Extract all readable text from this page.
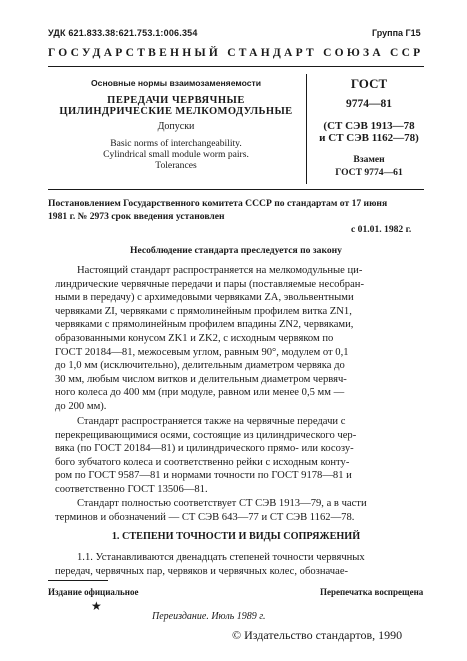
УДК 621.833.38:621.753.1:006.354	Группа Г15
ГОСУДАРСТВЕННЫЙ СТАНДАРТ СОЮЗА ССР
Основные нормы взаимозаменяемости
ПЕРЕДАЧИ ЧЕРВЯЧНЫЕ
ЦИЛИНДРИЧЕСКИЕ МЕЛКОМОДУЛЬНЫЕ
Допуски
Basic norms of interchangeability.
Cylindrical small module worm pairs.
Tolerances
ГОСТ
9774—81
(СТ СЭВ 1913—78
и СТ СЭВ 1162—78)
Взамен
ГОСТ 9774—61
Постановлением Государственного комитета СССР по стандартам от 17 июня
1981 г. № 2973 срок введения установлен
с 01.01. 1982 г.
Несоблюдение стандарта преследуется по закону
Настоящий стандарт распространяется на мелкомодульные ци-
линдрические червячные передачи и пары (поставляемые несобран-
ными в передачу) с архимедовыми червяками ZA, эвольвентными
червяками ZI, червяками с прямолинейным профилем витка ZN1,
червяками с прямолинейным профилем впадины ZN2, червяками,
образованными конусом ZK1 и ZK2, с исходным червяком по
ГОСТ 20184—81, межосевым углом, равным 90°, модулем от 0,1
до 1,0 мм (исключительно), делительным диаметром червяка до
30 мм, любым числом витков и делительным диаметром червяч-
ного колеса до 400 мм (при модуле, равном или менее 0,5 мм —
до 200 мм).
Стандарт распространяется также на червячные передачи с
перекрещивающимися осями, состоящие из цилиндрического чер-
вяка (по ГОСТ 20184—81) и цилиндрического прямо- или косозу-
бого зубчатого колеса и соответственно рейки с исходным конту-
ром по ГОСТ 9587—81 и нормами точности по ГОСТ 9178—81 и
соответственно ГОСТ 13506—81.
Стандарт полностью соответствует СТ СЭВ 1913—79, а в части
терминов и обозначений — СТ СЭВ 643—77 и СТ СЭВ 1162—78.
1. СТЕПЕНИ ТОЧНОСТИ И ВИДЫ СОПРЯЖЕНИЙ
1.1. Устанавливаются двенадцать степеней точности червячных
передач, червячных пар, червяков и червячных колес, обозначае-
Издание официальное	Перепечатка воспрещена
★
Переиздание. Июль 1989 г.
© Издательство стандартов, 1990
